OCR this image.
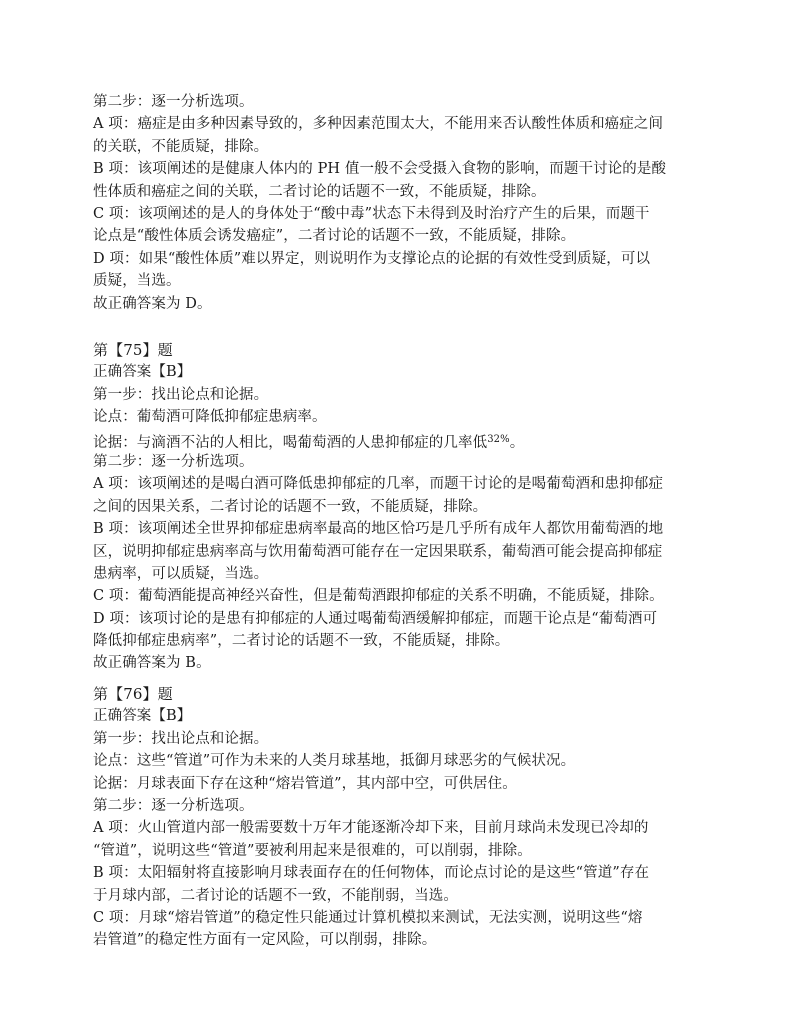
第二步：逐一分析选项。
A 项：癌症是由多种因素导致的，多种因素范围太大，不能用来否认酸性体质和癌症之间
的关联，不能质疑，排除。
B 项：该项阐述的是健康人体内的 PH 值一般不会受摄入食物的影响，而题干讨论的是酸
性体质和癌症之间的关联，二者讨论的话题不一致，不能质疑，排除。
C 项：该项阐述的是人的身体处于“酸中毒”状态下未得到及时治疗产生的后果，而题干
论点是“酸性体质会诱发癌症”，二者讨论的话题不一致，不能质疑，排除。
D 项：如果“酸性体质”难以界定，则说明作为支撑论点的论据的有效性受到质疑，可以
质疑，当选。
故正确答案为 D。
第【75】题
正确答案【B】
第一步：找出论点和论据。
论点：葡萄酒可降低抑郁症患病率。
论据：与滴酒不沾的人相比，喝葡萄酒的人患抑郁症的几率低$^{32\%}$。
第二步：逐一分析选项。
A 项：该项阐述的是喝白酒可降低患抑郁症的几率，而题干讨论的是喝葡萄酒和患抑郁症
之间的因果关系，二者讨论的话题不一致，不能质疑，排除。
B 项：该项阐述全世界抑郁症患病率最高的地区恰巧是几乎所有成年人都饮用葡萄酒的地
区，说明抑郁症患病率高与饮用葡萄酒可能存在一定因果联系，葡萄酒可能会提高抑郁症
患病率，可以质疑，当选。
C 项：葡萄酒能提高神经兴奋性，但是葡萄酒跟抑郁症的关系不明确，不能质疑，排除。
D 项：该项讨论的是患有抑郁症的人通过喝葡萄酒缓解抑郁症，而题干论点是“葡萄酒可
降低抑郁症患病率”，二者讨论的话题不一致，不能质疑，排除。
故正确答案为 B。
第【76】题
正确答案【B】
第一步：找出论点和论据。
论点：这些“管道”可作为未来的人类月球基地，抵御月球恶劣的气候状况。
论据：月球表面下存在这种“熔岩管道”，其内部中空，可供居住。
第二步：逐一分析选项。
A 项：火山管道内部一般需要数十万年才能逐渐冷却下来，目前月球尚未发现已冷却的
“管道”，说明这些“管道”要被利用起来是很难的，可以削弱，排除。
B 项：太阳辐射将直接影响月球表面存在的任何物体，而论点讨论的是这些“管道”存在
于月球内部，二者讨论的话题不一致，不能削弱，当选。
C 项：月球“熔岩管道”的稳定性只能通过计算机模拟来测试，无法实测，说明这些“熔
岩管道”的稳定性方面有一定风险，可以削弱，排除。
